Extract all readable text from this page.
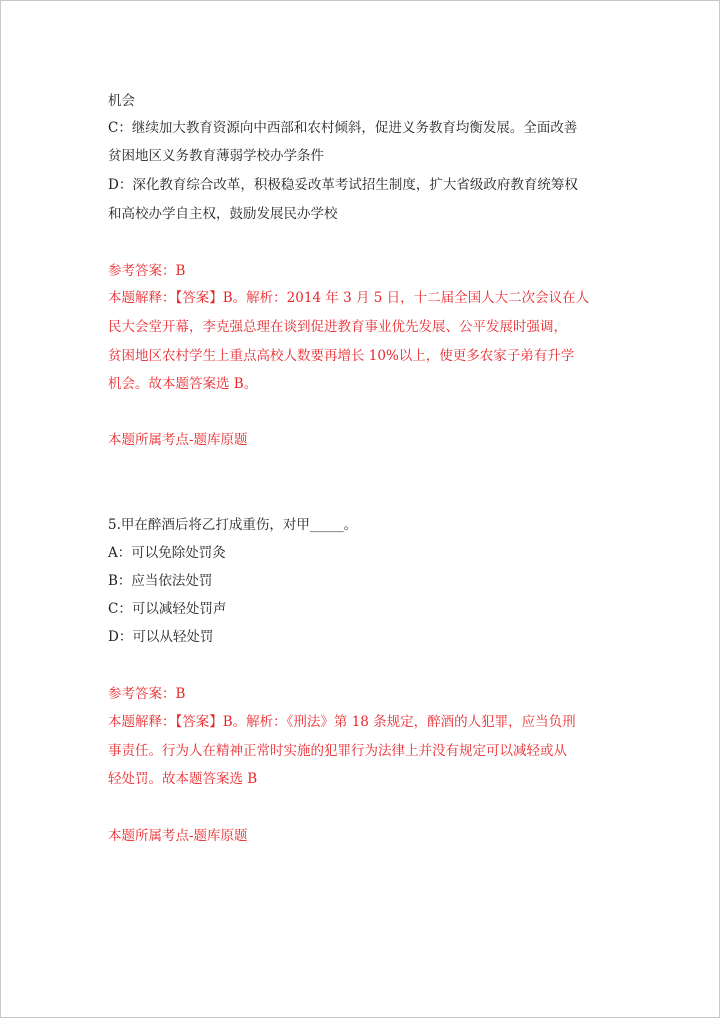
机会
C：继续加大教育资源向中西部和农村倾斜，促进义务教育均衡发展。全面改善
贫困地区义务教育薄弱学校办学条件
D：深化教育综合改革，积极稳妥改革考试招生制度，扩大省级政府教育统筹权
和高校办学自主权，鼓励发展民办学校
参考答案：B
本题解释：【答案】B。解析：2014 年 3 月 5 日，十二届全国人大二次会议在人
民大会堂开幕，李克强总理在谈到促进教育事业优先发展、公平发展时强调，
贫困地区农村学生上重点高校人数要再增长 10%以上，使更多农家子弟有升学
机会。故本题答案选 B。
本题所属考点-题库原题
5.甲在醉酒后将乙打成重伤，对甲_____。
A：可以免除处罚灸
B：应当依法处罚
C：可以减轻处罚声
D：可以从轻处罚
参考答案：B
本题解释：【答案】B。解析：《刑法》第 18 条规定，醉酒的人犯罪，应当负刑
事责任。行为人在精神正常时实施的犯罪行为法律上并没有规定可以减轻或从
轻处罚。故本题答案选 B
本题所属考点-题库原题
